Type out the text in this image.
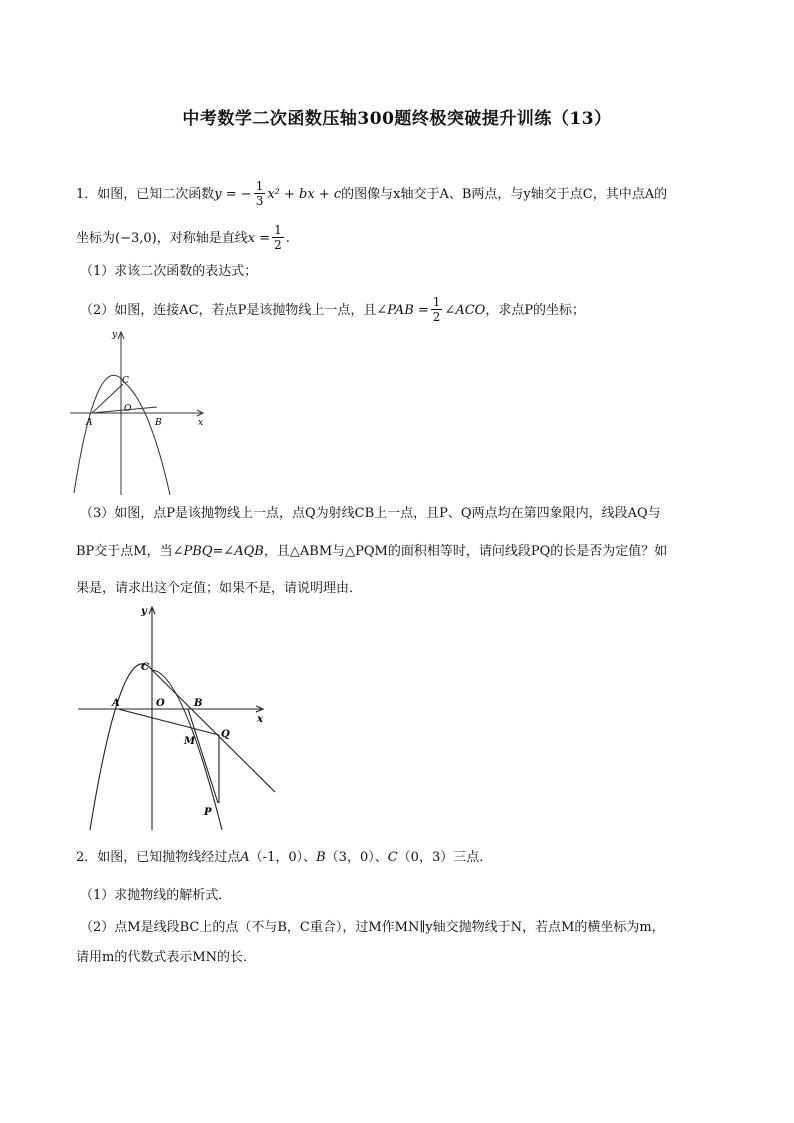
中考数学二次函数压轴300题终极突破提升训练（13）
1．如图，已知二次函数y = − $\frac{1}{3} x^2$ + bx + c的图像与x轴交于A、B两点，与y轴交于点C，其中点A的
坐标为(−3,0)，对称轴是直线$x = \frac{1}{2}$ .
（1）求该二次函数的表达式；
（2）如图，连接AC，若点P是该抛物线上一点，且∠PAB = $\frac{1}{2}$ ∠ACO，求点P的坐标；
y
x
C
O
A	B
（3）如图，点P是该抛物线上一点，点Q为射线CB上一点，且P、Q两点均在第四象限内，线段AQ与
BP交于点M，当∠PBQ=∠AQB，且△ABM与△PQM的面积相等时，请问线段PQ的长是否为定值？如
果是，请求出这个定值；如果不是，请说明理由．
y
x
C
O
A	B
M
Q
P
2．如图，已知抛物线经过点A（-1，0）、B（3，0）、C（0，3）三点．
（1）求抛物线的解析式．
（2）点M是线段BC上的点（不与B，C重合），过M作MN∥y轴交抛物线于N，若点M的横坐标为m，
请用m的代数式表示MN的长．
